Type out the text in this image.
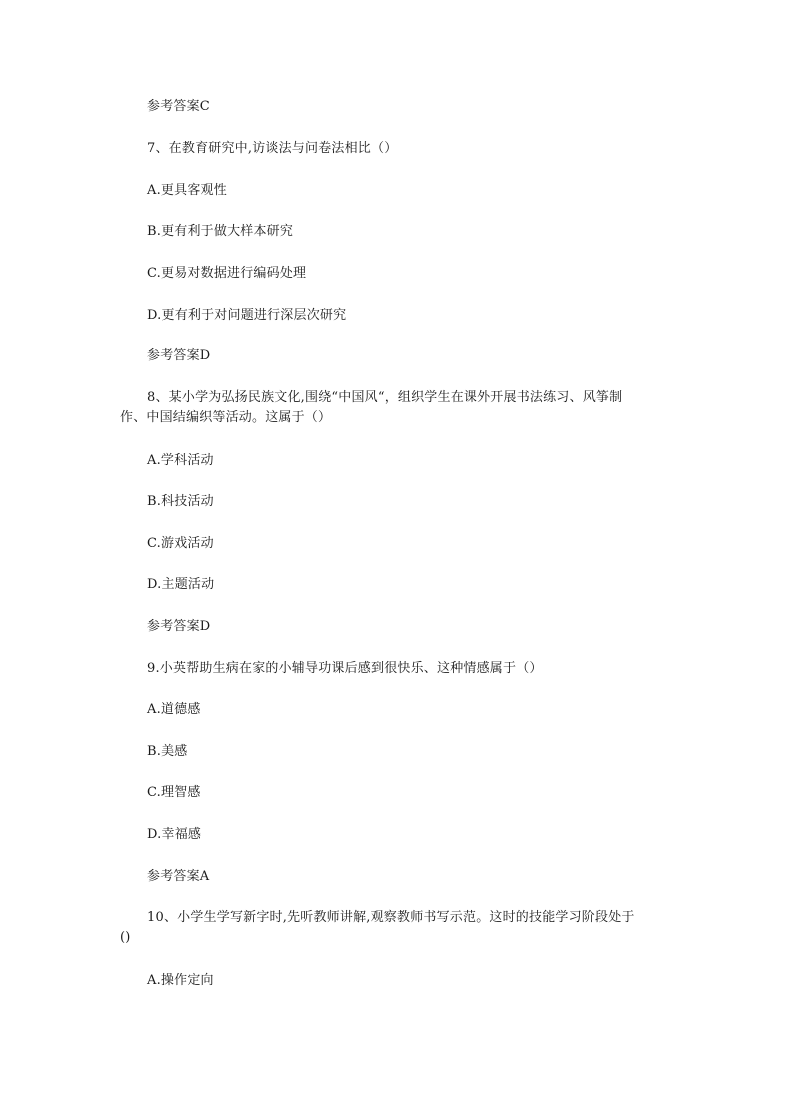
参考答案C
7、在教育研究中,访谈法与问卷法相比（）
A.更具客观性
B.更有利于做大样本研究
C.更易对数据进行编码处理
D.更有利于对问题进行深层次研究
参考答案D
8、某小学为弘扬民族文化,围绕“中国风“，组织学生在课外开展书法练习、风筝制
作、中国结编织等活动。这属于（）
A.学科活动
B.科技活动
C.游戏活动
D.主题活动
参考答案D
9.小英帮助生病在家的小辅导功课后感到很快乐、这种情感属于（）
A.道德感
B.美感
C.理智感
D.幸福感
参考答案A
10、小学生学写新字时,先听教师讲解,观察教师书写示范。这时的技能学习阶段处于
()
A.操作定向
